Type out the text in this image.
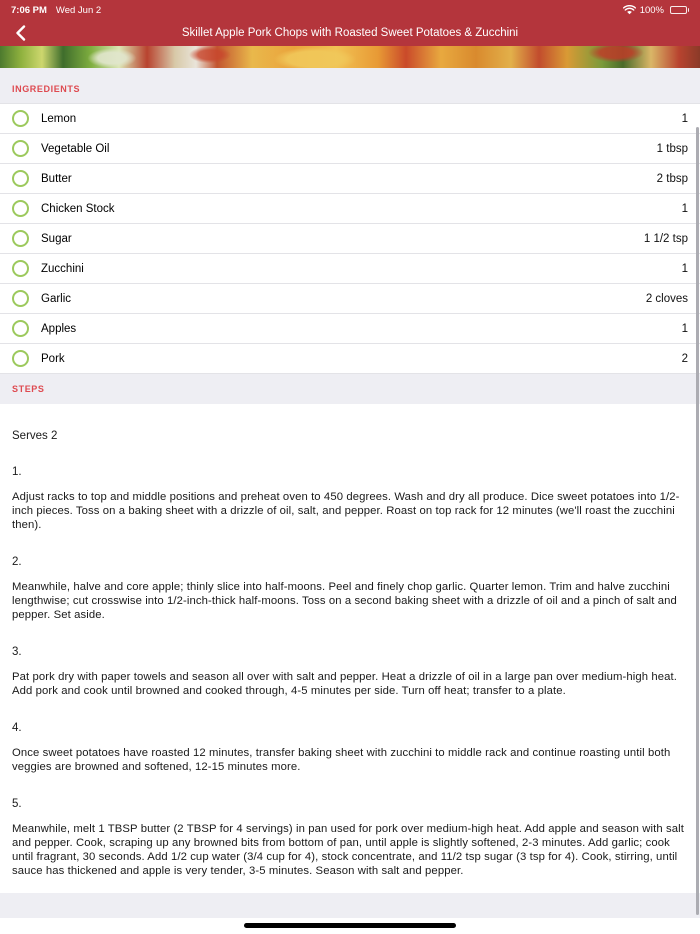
7:06 PM Wed Jun 2	100%
Skillet Apple Pork Chops with Roasted Sweet Potatoes & Zucchini
INGREDIENTS
Lemon	1
Vegetable Oil	1 tbsp
Butter	2 tbsp
Chicken Stock	1
Sugar	1 1/2 tsp
Zucchini	1
Garlic	2 cloves
Apples	1
Pork	2
STEPS
Serves 2
1.
Adjust racks to top and middle positions and preheat oven to 450 degrees. Wash and dry all produce. Dice sweet potatoes into 1/2-inch pieces. Toss on a baking sheet with a drizzle of oil, salt, and pepper. Roast on top rack for 12 minutes (we'll roast the zucchini then).
2.
Meanwhile, halve and core apple; thinly slice into half-moons. Peel and finely chop garlic. Quarter lemon. Trim and halve zucchini lengthwise; cut crosswise into 1/2-inch-thick half-moons. Toss on a second baking sheet with a drizzle of oil and a pinch of salt and pepper. Set aside.
3.
Pat pork dry with paper towels and season all over with salt and pepper. Heat a drizzle of oil in a large pan over medium-high heat. Add pork and cook until browned and cooked through, 4-5 minutes per side. Turn off heat; transfer to a plate.
4.
Once sweet potatoes have roasted 12 minutes, transfer baking sheet with zucchini to middle rack and continue roasting until both veggies are browned and softened, 12-15 minutes more.
5.
Meanwhile, melt 1 TBSP butter (2 TBSP for 4 servings) in pan used for pork over medium-high heat. Add apple and season with salt and pepper. Cook, scraping up any browned bits from bottom of pan, until apple is slightly softened, 2-3 minutes. Add garlic; cook until fragrant, 30 seconds. Add 1/2 cup water (3/4 cup for 4), stock concentrate, and 11/2 tsp sugar (3 tsp for 4). Cook, stirring, until sauce has thickened and apple is very tender, 3-5 minutes. Season with salt and pepper.
